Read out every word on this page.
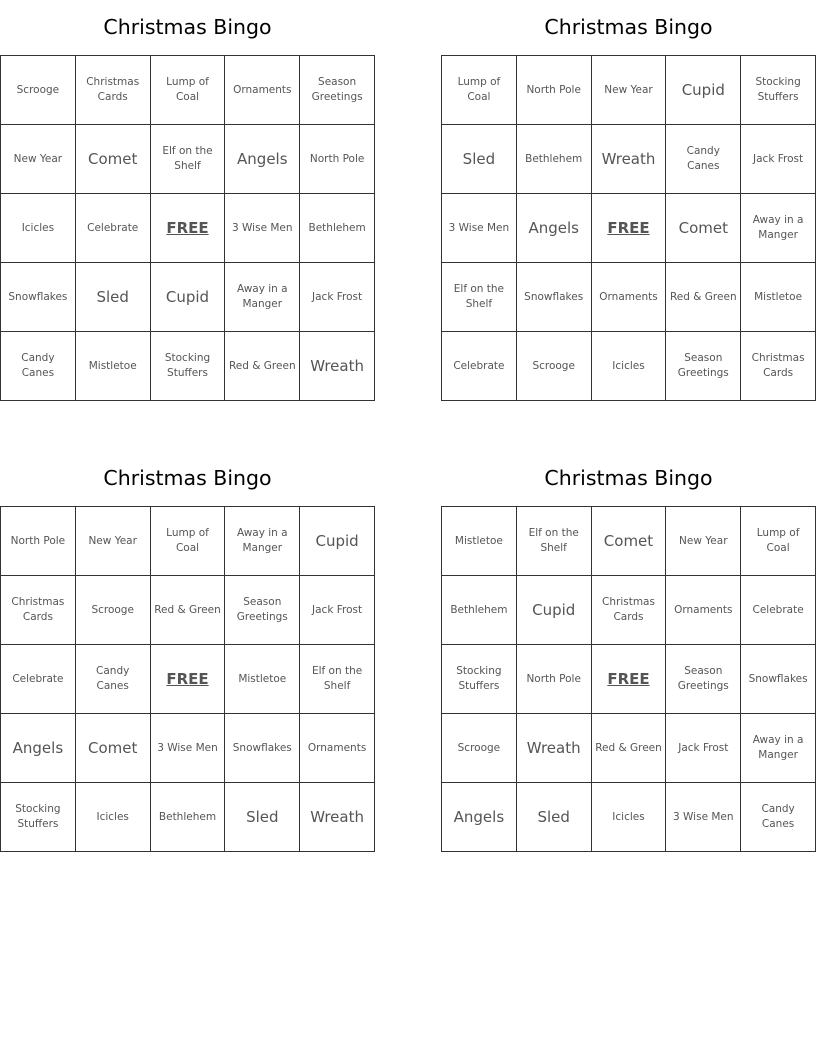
Christmas Bingo
Scrooge	Christmas Cards	Lump of Coal	Ornaments	Season Greetings
New Year	Comet	Elf on the Shelf	Angels	North Pole
Icicles	Celebrate	FREE	3 Wise Men	Bethlehem
Snowflakes	Sled	Cupid	Away in a Manger	Jack Frost
Candy Canes	Mistletoe	Stocking Stuffers	Red & Green	Wreath
Christmas Bingo
Lump of Coal	North Pole	New Year	Cupid	Stocking Stuffers
Sled	Bethlehem	Wreath	Candy Canes	Jack Frost
3 Wise Men	Angels	FREE	Comet	Away in a Manger
Elf on the Shelf	Snowflakes	Ornaments	Red & Green	Mistletoe
Celebrate	Scrooge	Icicles	Season Greetings	Christmas Cards
Christmas Bingo
North Pole	New Year	Lump of Coal	Away in a Manger	Cupid
Christmas Cards	Scrooge	Red & Green	Season Greetings	Jack Frost
Celebrate	Candy Canes	FREE	Mistletoe	Elf on the Shelf
Angels	Comet	3 Wise Men	Snowflakes	Ornaments
Stocking Stuffers	Icicles	Bethlehem	Sled	Wreath
Christmas Bingo
Mistletoe	Elf on the Shelf	Comet	New Year	Lump of Coal
Bethlehem	Cupid	Christmas Cards	Ornaments	Celebrate
Stocking Stuffers	North Pole	FREE	Season Greetings	Snowflakes
Scrooge	Wreath	Red & Green	Jack Frost	Away in a Manger
Angels	Sled	Icicles	3 Wise Men	Candy Canes
